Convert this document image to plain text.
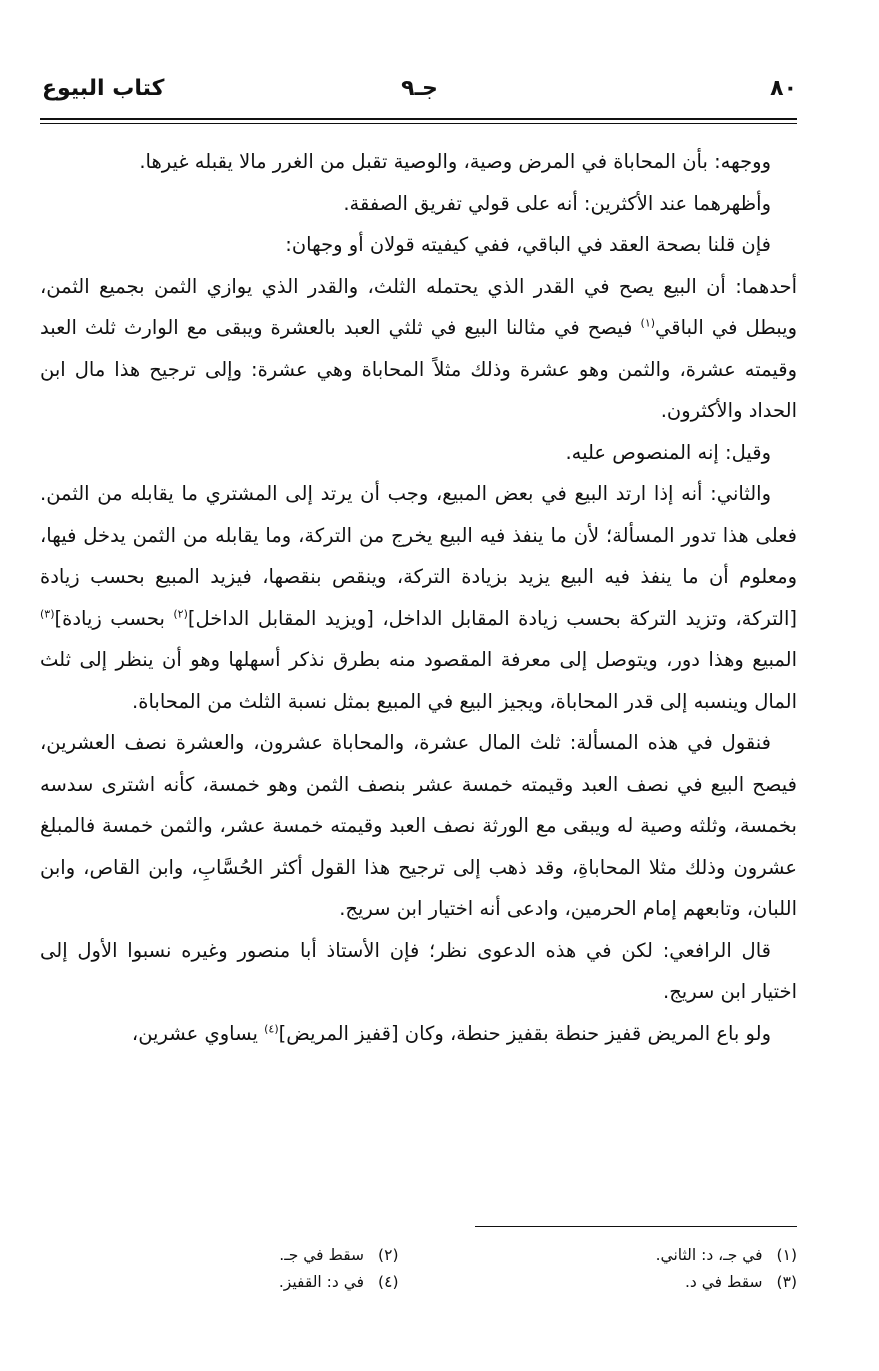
٨٠
جـ٩
كتاب البيوع

ووجهه: بأن المحاباة في المرض وصية، والوصية تقبل من الغرر مالا يقبله غيرها.

وأظهرهما عند الأكثرين: أنه على قولي تفريق الصفقة.

فإن قلنا بصحة العقد في الباقي، ففي كيفيته قولان أو وجهان:

أحدهما: أن البيع يصح في القدر الذي يحتمله الثلث، والقدر الذي يوازي الثمن بجميع الثمن، ويبطل في الباقي$^{(١)}$ فيصح في مثالنا البيع في ثلثي العبد بالعشرة ويبقى مع الوارث ثلث العبد وقيمته عشرة، والثمن وهو عشرة وذلك مثلاً المحاباة وهي عشرة: وإلى ترجيح هذا مال ابن الحداد والأكثرون.

وقيل: إنه المنصوص عليه.

والثاني: أنه إذا ارتد البيع في بعض المبيع، وجب أن يرتد إلى المشتري ما يقابله من الثمن. فعلى هذا تدور المسألة؛ لأن ما ينفذ فيه البيع يخرج من التركة، وما يقابله من الثمن يدخل فيها، ومعلوم أن ما ينفذ فيه البيع يزيد بزيادة التركة، وينقص بنقصها، فيزيد المبيع بحسب زيادة [التركة، وتزيد التركة بحسب زيادة المقابل الداخل، [ويزيد المقابل الداخل]$^{(٢)}$ بحسب زيادة]$^{(٣)}$ المبيع وهذا دور، ويتوصل إلى معرفة المقصود منه بطرق نذكر أسهلها وهو أن ينظر إلى ثلث المال وينسبه إلى قدر المحاباة، ويجيز البيع في المبيع بمثل نسبة الثلث من المحاباة.

فنقول في هذه المسألة: ثلث المال عشرة، والمحاباة عشرون، والعشرة نصف العشرين، فيصح البيع في نصف العبد وقيمته خمسة عشر بنصف الثمن وهو خمسة، كأنه اشترى سدسه بخمسة، وثلثه وصية له ويبقى مع الورثة نصف العبد وقيمته خمسة عشر، والثمن خمسة فالمبلغ عشرون وذلك مثلا المحاباةِ، وقد ذهب إلى ترجيح هذا القول أكثر الحُسَّابِ، وابن القاص، وابن اللبان، وتابعهم إمام الحرمين، وادعى أنه اختيار ابن سريج.

قال الرافعي: لكن في هذه الدعوى نظر؛ فإن الأستاذ أبا منصور وغيره نسبوا الأول إلى اختيار ابن سريج.

ولو باع المريض قفيز حنطة بقفيز حنطة، وكان [قفيز المريض]$^{(٤)}$ يساوي عشرين،

(١)في جـ، د: الثاني.
(٢)سقط في جـ.
(٣)سقط في د.
(٤)في د: القفيز.
